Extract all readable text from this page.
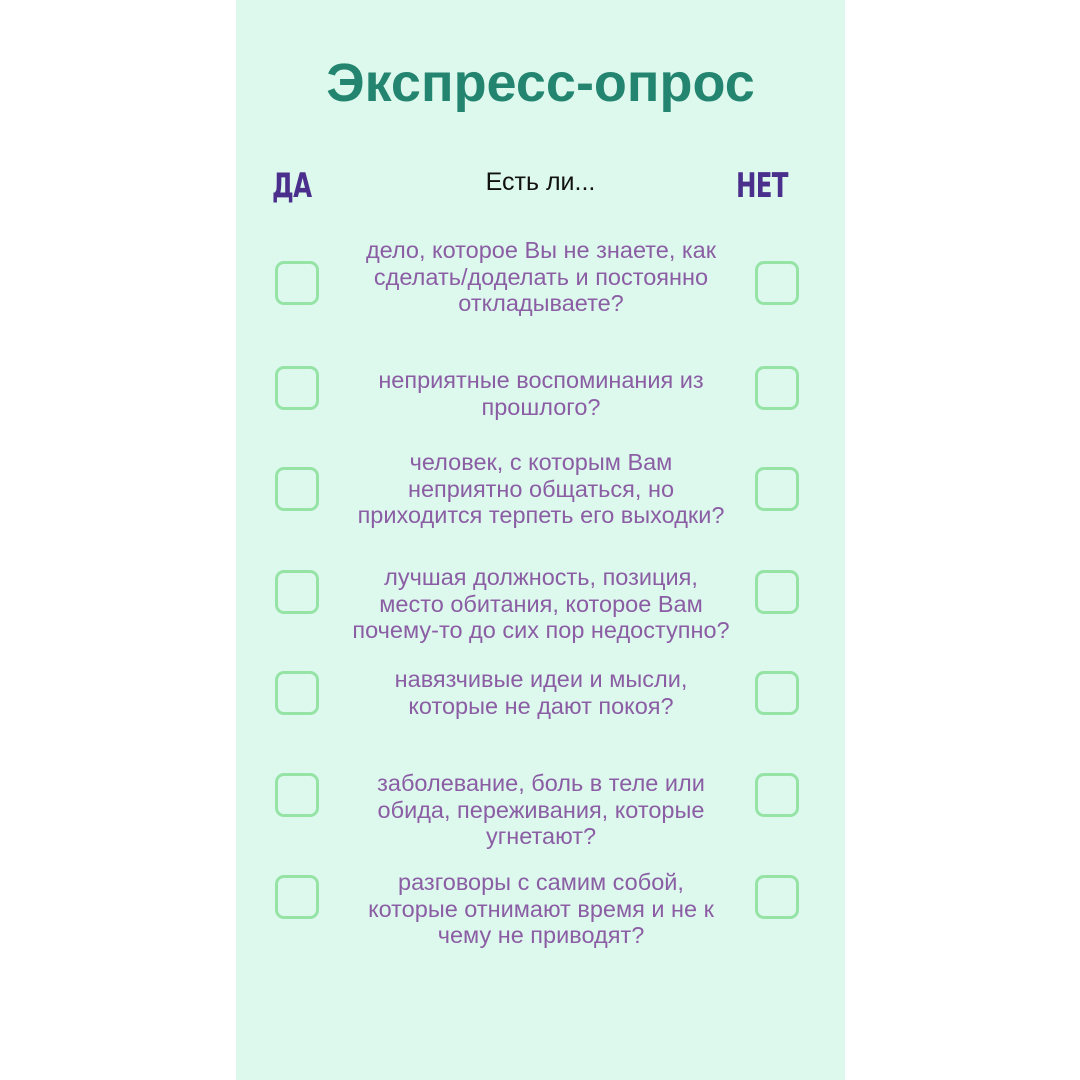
Экспресс-опрос
ДА	Есть ли...	НЕТ
дело, которое Вы не знаете, как
сделать/доделать и постоянно
откладываете?
неприятные воспоминания из
прошлого?
человек, с которым Вам
неприятно общаться, но
приходится терпеть его выходки?
лучшая должность, позиция,
место обитания, которое Вам
почему-то до сих пор недоступно?
навязчивые идеи и мысли,
которые не дают покоя?
заболевание, боль в теле или
обида, переживания, которые
угнетают?
разговоры с самим собой,
которые отнимают время и не к
чему не приводят?
